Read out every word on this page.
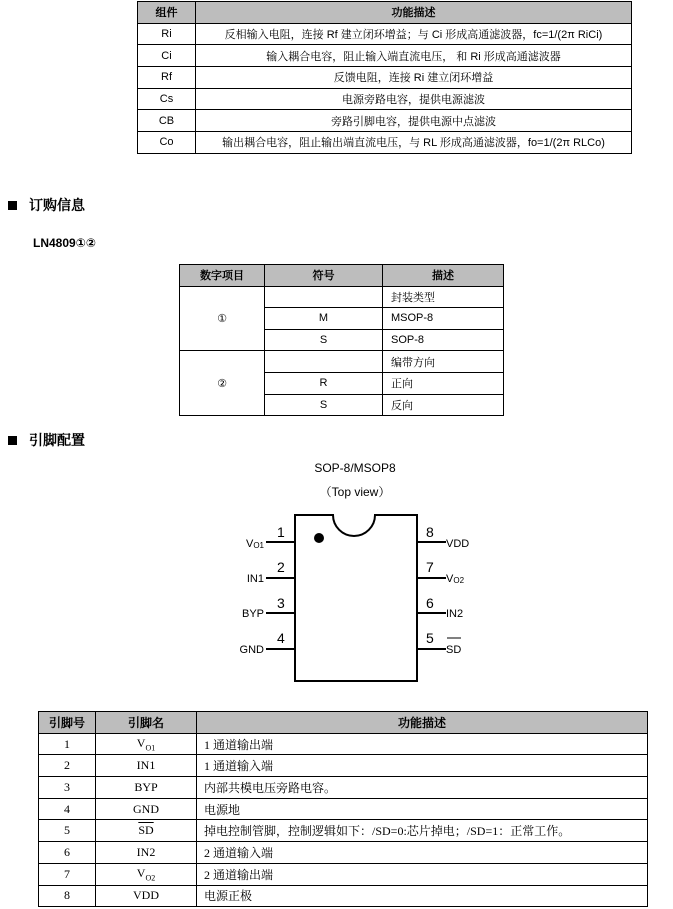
组件	功能描述
Ri	反相输入电阻，连接 Rf 建立闭环增益；与 Ci 形成高通滤波器，fc=1/(2π RiCi)
Ci	输入耦合电容，阻止输入端直流电压， 和 Ri 形成高通滤波器
Rf	反馈电阻，连接 Ri 建立闭环增益
Cs	电源旁路电容，提供电源滤波
CB	旁路引脚电容，提供电源中点滤波
Co	输出耦合电容，阻止输出端直流电压，与 RL 形成高通滤波器，fo=1/(2π RLCo)
订购信息
LN4809①②
数字项目	符号	描述
①		封装类型
	M	MSOP-8
	S	SOP-8
②		编带方向
	R	正向
	S	反向
引脚配置
SOP-8/MSOP8
（Top view）
1
2
3
4
VO1
IN1
BYP
GND
8
7
6
5
VDD
VO2
IN2
SD
引脚号	引脚名	功能描述
1	$V_{O1}$	1 通道输出端
2	IN1	1 通道输入端
3	BYP	内部共模电压旁路电容。
4	GND	电源地
5	$\overline{SD}$	掉电控制管脚，控制逻辑如下：/SD=0:芯片掉电；/SD=1：正常工作。
6	IN2	2 通道输入端
7	$V_{O2}$	2 通道输出端
8	VDD	电源正极
